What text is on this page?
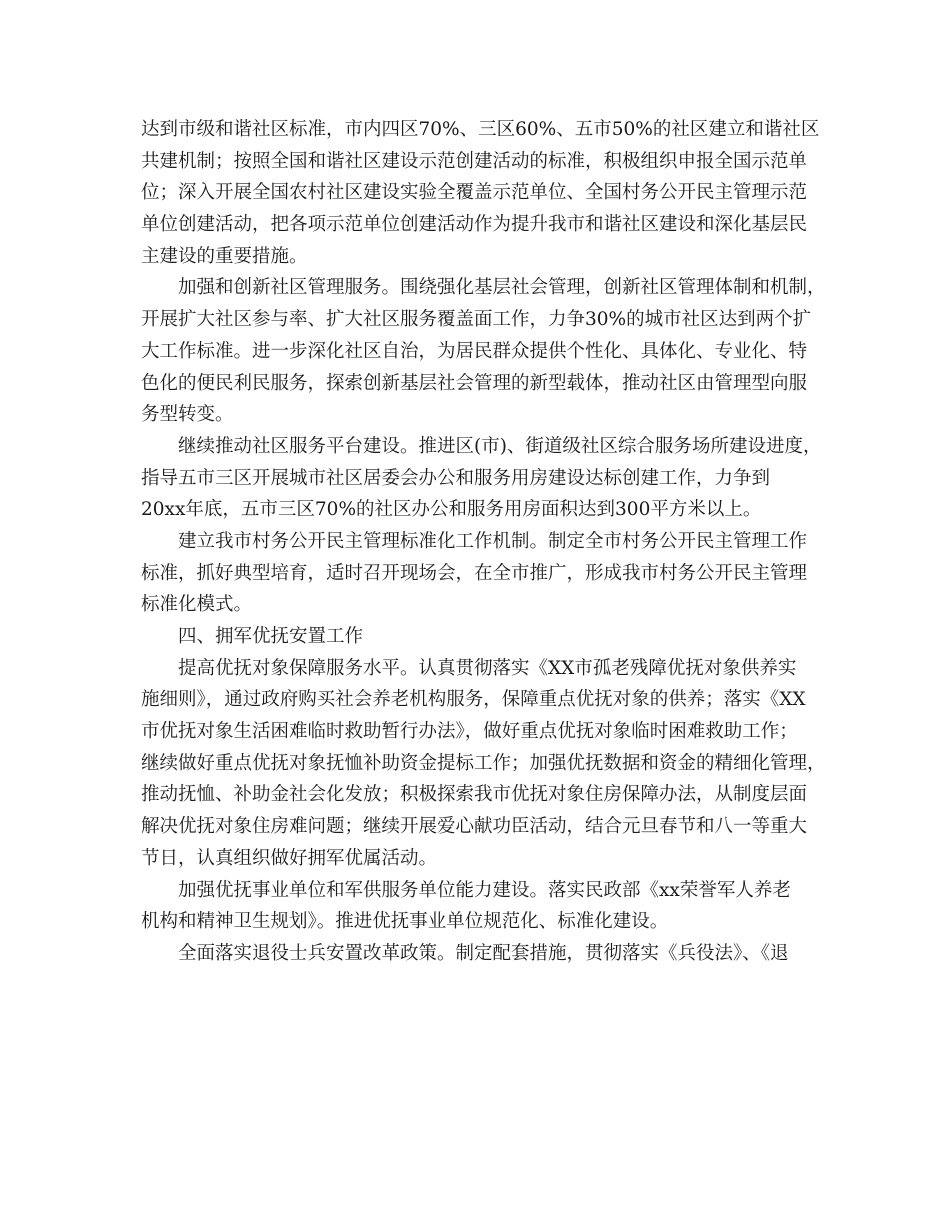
达到市级和谐社区标准，市内四区70%、三区60%、五市50%的社区建立和谐社区
共建机制；按照全国和谐社区建设示范创建活动的标准，积极组织申报全国示范单
位；深入开展全国农村社区建设实验全覆盖示范单位、全国村务公开民主管理示范
单位创建活动，把各项示范单位创建活动作为提升我市和谐社区建设和深化基层民
主建设的重要措施。
加强和创新社区管理服务。围绕强化基层社会管理，创新社区管理体制和机制，
开展扩大社区参与率、扩大社区服务覆盖面工作，力争30%的城市社区达到两个扩
大工作标准。进一步深化社区自治，为居民群众提供个性化、具体化、专业化、特
色化的便民利民服务，探索创新基层社会管理的新型载体，推动社区由管理型向服
务型转变。
继续推动社区服务平台建设。推进区(市)、街道级社区综合服务场所建设进度，
指导五市三区开展城市社区居委会办公和服务用房建设达标创建工作，力争到
20xx年底，五市三区70%的社区办公和服务用房面积达到300平方米以上。
建立我市村务公开民主管理标准化工作机制。制定全市村务公开民主管理工作
标准，抓好典型培育，适时召开现场会，在全市推广，形成我市村务公开民主管理
标准化模式。
四、拥军优抚安置工作
提高优抚对象保障服务水平。认真贯彻落实《XX市孤老残障优抚对象供养实
施细则》，通过政府购买社会养老机构服务，保障重点优抚对象的供养；落实《XX
市优抚对象生活困难临时救助暂行办法》，做好重点优抚对象临时困难救助工作；
继续做好重点优抚对象抚恤补助资金提标工作；加强优抚数据和资金的精细化管理，
推动抚恤、补助金社会化发放；积极探索我市优抚对象住房保障办法，从制度层面
解决优抚对象住房难问题；继续开展爱心献功臣活动，结合元旦春节和八一等重大
节日，认真组织做好拥军优属活动。
加强优抚事业单位和军供服务单位能力建设。落实民政部《xx荣誉军人养老
机构和精神卫生规划》。推进优抚事业单位规范化、标准化建设。
全面落实退役士兵安置改革政策。制定配套措施，贯彻落实《兵役法》、《退
